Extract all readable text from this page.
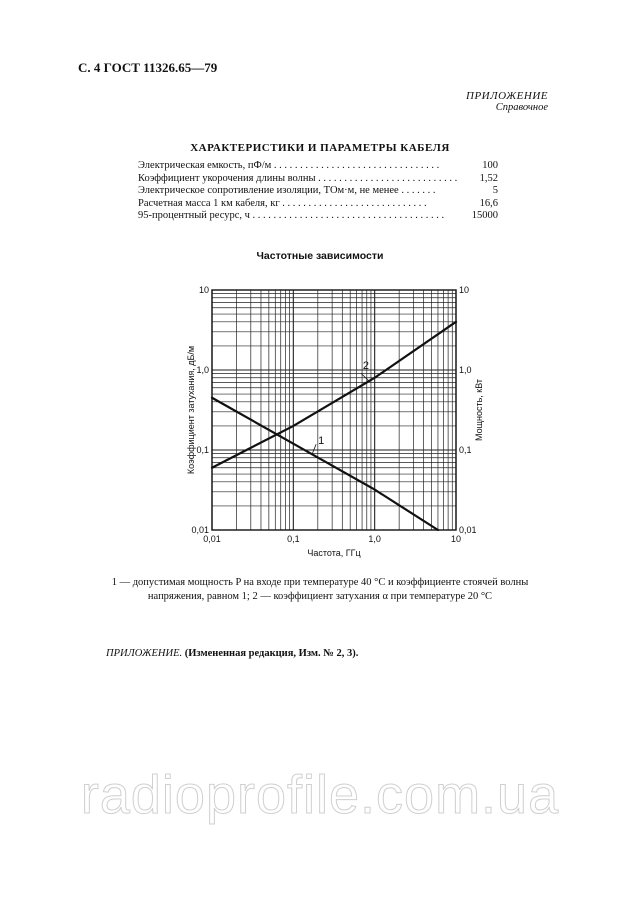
С. 4 ГОСТ 11326.65—79
ПРИЛОЖЕНИЕ
Справочное
ХАРАКТЕРИСТИКИ И ПАРАМЕТРЫ КАБЕЛЯ
Электрическая емкость, пФ/м . . . . . . . . . . . . . . . . . . . . . . . . . . . . . . . .	100
Коэффициент укорочения длины волны . . . . . . . . . . . . . . . . . . . . . . . . . . .	1,52
Электрическое сопротивление изоляции, ТОм·м, не менее . . . . . . .	5
Расчетная масса 1 км кабеля, кг . . . . . . . . . . . . . . . . . . . . . . . . . . . .	16,6
95-процентный ресурс, ч . . . . . . . . . . . . . . . . . . . . . . . . . . . . . . . . . . . . .	15000
Частотные зависимости
0,01	0,1	1,0	10
0,01
0,1
1,0
10
0,01
0,1
1,0
10
Частота, ГГц
Коэффициент затухания, дБ/м	Мощность, кВт
1
2
1 — допустимая мощность P на входе при температуре 40 °С и коэффициенте стоячей волны напряжения, равном 1; 2 — коэффициент затухания α при температуре 20 °С
ПРИЛОЖЕНИЕ. (Измененная редакция, Изм. № 2, 3).
radioprofile.com.ua
